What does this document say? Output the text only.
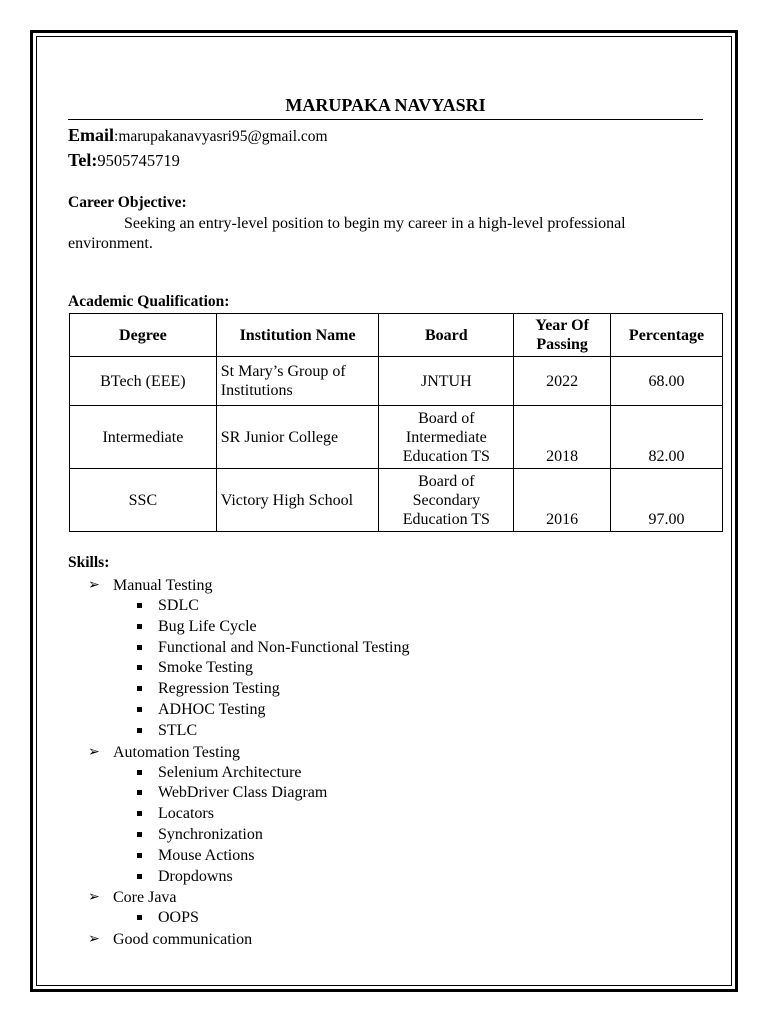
MARUPAKA NAVYASRI
Email:marupakanavyasri95@gmail.com
Tel:9505745719
Career Objective:
Seeking an entry-level position to begin my career in a high-level professional environment.
Academic Qualification:
Degree	Institution Name	Board	Year Of Passing	Percentage
BTech (EEE)	St Mary’s Group of Institutions	JNTUH	2022	68.00
Intermediate	SR Junior College	Board of Intermediate Education TS	2018	82.00
SSC	Victory High School	Board of Secondary Education TS	2016	97.00
Skills:
➢ Manual Testing
SDLC
Bug Life Cycle
Functional and Non-Functional Testing
Smoke Testing
Regression Testing
ADHOC Testing
STLC
➢ Automation Testing
Selenium Architecture
WebDriver Class Diagram
Locators
Synchronization
Mouse Actions
Dropdowns
➢ Core Java
OOPS
➢ Good communication
